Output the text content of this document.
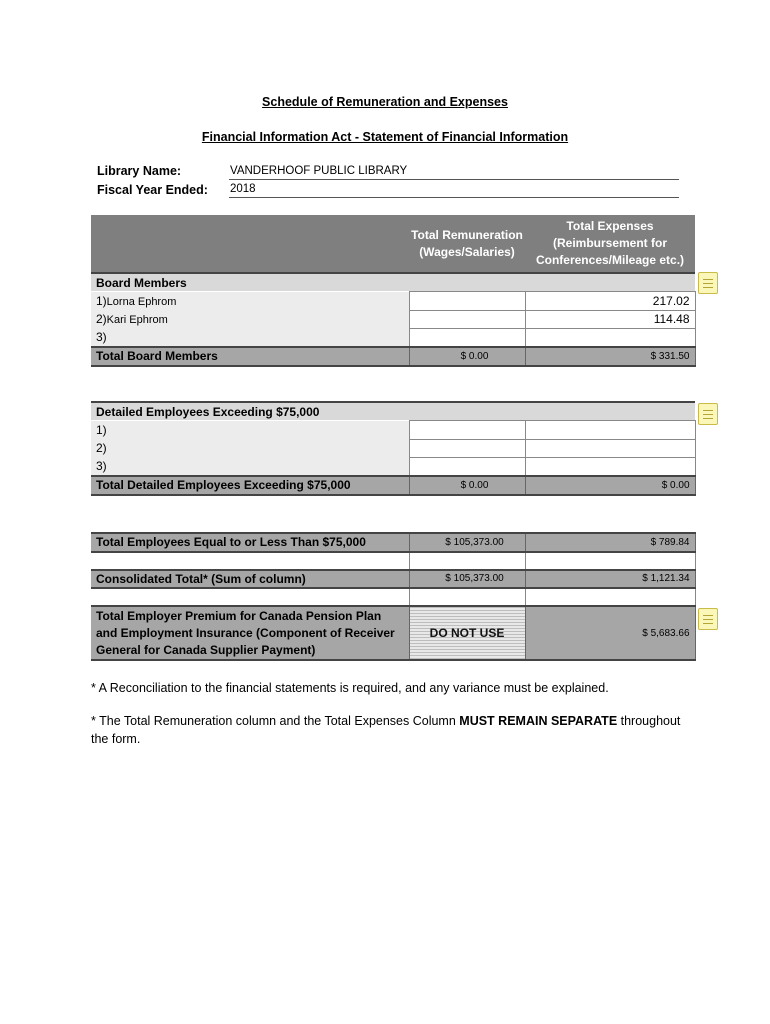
Schedule of Remuneration and Expenses
Financial Information Act - Statement of Financial Information
Library Name:	VANDERHOOF PUBLIC LIBRARY
Fiscal Year Ended: 2018
	Total Remuneration (Wages/Salaries)	Total Expenses (Reimbursement for Conferences/Mileage etc.)
Board Members		
1)Lorna Ephrom		217.02
2)Kari Ephrom		114.48
3)		
Total Board Members	$ 0.00	$ 331.50
Detailed Employees Exceeding $75,000		
1)		
2)		
3)		
Total Detailed Employees Exceeding $75,000	$ 0.00	$ 0.00
Total Employees Equal to or Less Than $75,000	$ 105,373.00	$ 789.84

Consolidated Total* (Sum of column)	$ 105,373.00	$ 1,121.34

Total Employer Premium for Canada Pension Plan and Employment Insurance (Component of Receiver General for Canada Supplier Payment)	DO NOT USE	$ 5,683.66
* A Reconciliation to the financial statements is required, and any variance must be explained.
* The Total Remuneration column and the Total Expenses Column MUST REMAIN SEPARATE throughout the form.
